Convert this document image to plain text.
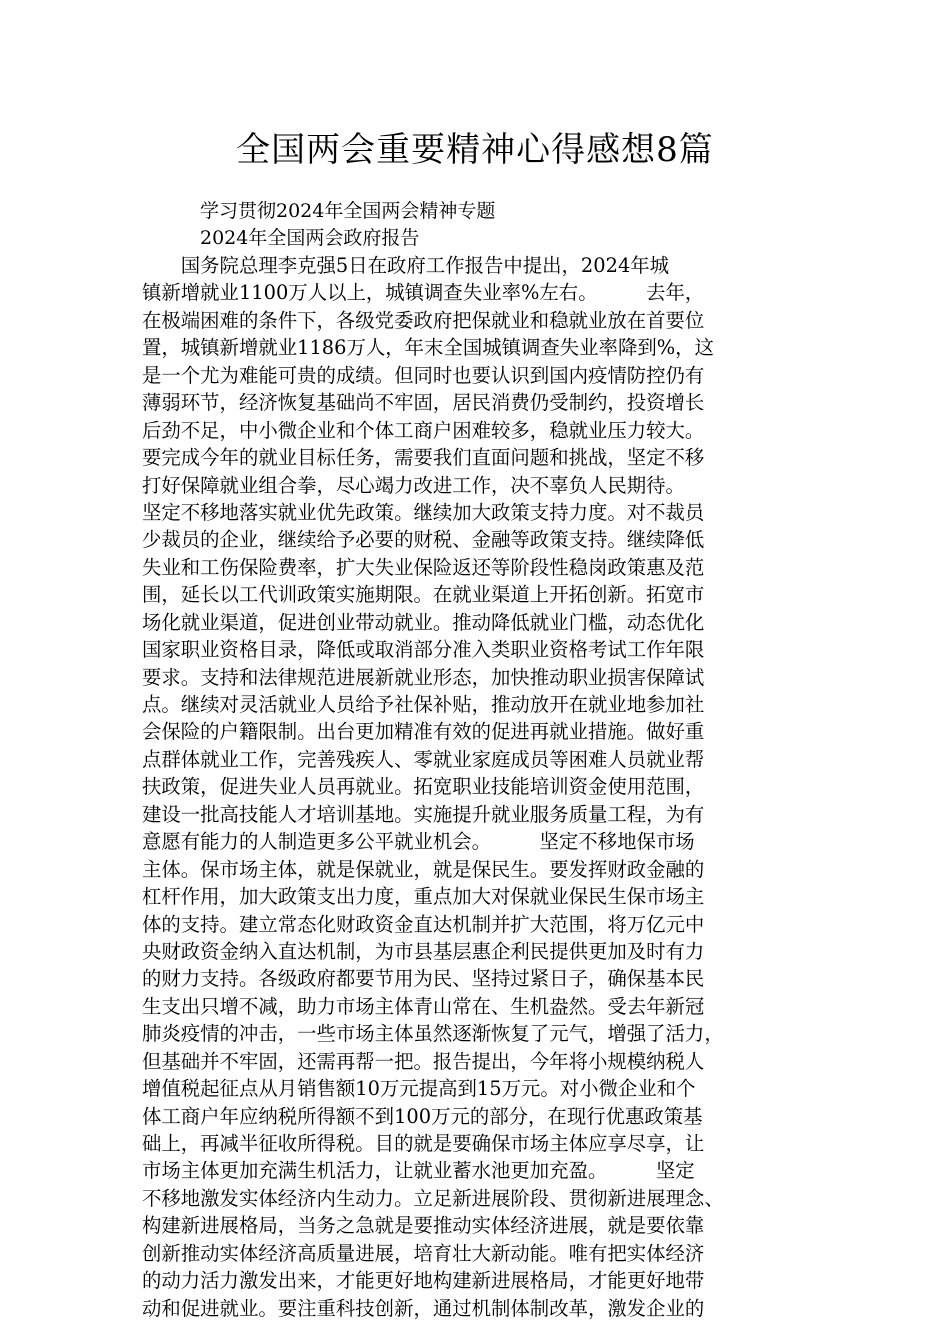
全国两会重要精神心得感想8篇
学习贯彻2024年全国两会精神专题
2024年全国两会政府报告
　　国务院总理李克强5日在政府工作报告中提出，2024年城
镇新增就业1100万人以上，城镇调查失业率%左右。　　　去年，
在极端困难的条件下，各级党委政府把保就业和稳就业放在首要位
置，城镇新增就业1186万人，年末全国城镇调查失业率降到%，这
是一个尤为难能可贵的成绩。但同时也要认识到国内疫情防控仍有
薄弱环节，经济恢复基础尚不牢固，居民消费仍受制约，投资增长
后劲不足，中小微企业和个体工商户困难较多，稳就业压力较大。
要完成今年的就业目标任务，需要我们直面问题和挑战，坚定不移
打好保障就业组合拳，尽心竭力改进工作，决不辜负人民期待。
坚定不移地落实就业优先政策。继续加大政策支持力度。对不裁员
少裁员的企业，继续给予必要的财税、金融等政策支持。继续降低
失业和工伤保险费率，扩大失业保险返还等阶段性稳岗政策惠及范
围，延长以工代训政策实施期限。在就业渠道上开拓创新。拓宽市
场化就业渠道，促进创业带动就业。推动降低就业门槛，动态优化
国家职业资格目录，降低或取消部分准入类职业资格考试工作年限
要求。支持和法律规范进展新就业形态，加快推动职业损害保障试
点。继续对灵活就业人员给予社保补贴，推动放开在就业地参加社
会保险的户籍限制。出台更加精准有效的促进再就业措施。做好重
点群体就业工作，完善残疾人、零就业家庭成员等困难人员就业帮
扶政策，促进失业人员再就业。拓宽职业技能培训资金使用范围，
建设一批高技能人才培训基地。实施提升就业服务质量工程，为有
意愿有能力的人制造更多公平就业机会。　　　坚定不移地保市场
主体。保市场主体，就是保就业，就是保民生。要发挥财政金融的
杠杆作用，加大政策支出力度，重点加大对保就业保民生保市场主
体的支持。建立常态化财政资金直达机制并扩大范围，将万亿元中
央财政资金纳入直达机制，为市县基层惠企利民提供更加及时有力
的财力支持。各级政府都要节用为民、坚持过紧日子，确保基本民
生支出只增不减，助力市场主体青山常在、生机盎然。受去年新冠
肺炎疫情的冲击，一些市场主体虽然逐渐恢复了元气，增强了活力，
但基础并不牢固，还需再帮一把。报告提出，今年将小规模纳税人
增值税起征点从月销售额10万元提高到15万元。对小微企业和个
体工商户年应纳税所得额不到100万元的部分，在现行优惠政策基
础上，再减半征收所得税。目的就是要确保市场主体应享尽享，让
市场主体更加充满生机活力，让就业蓄水池更加充盈。　　　坚定
不移地激发实体经济内生动力。立足新进展阶段、贯彻新进展理念、
构建新进展格局，当务之急就是要推动实体经济进展，就是要依靠
创新推动实体经济高质量进展，培育壮大新动能。唯有把实体经济
的动力活力激发出来，才能更好地构建新进展格局，才能更好地带
动和促进就业。要注重科技创新，通过机制体制改革，激发企业的
